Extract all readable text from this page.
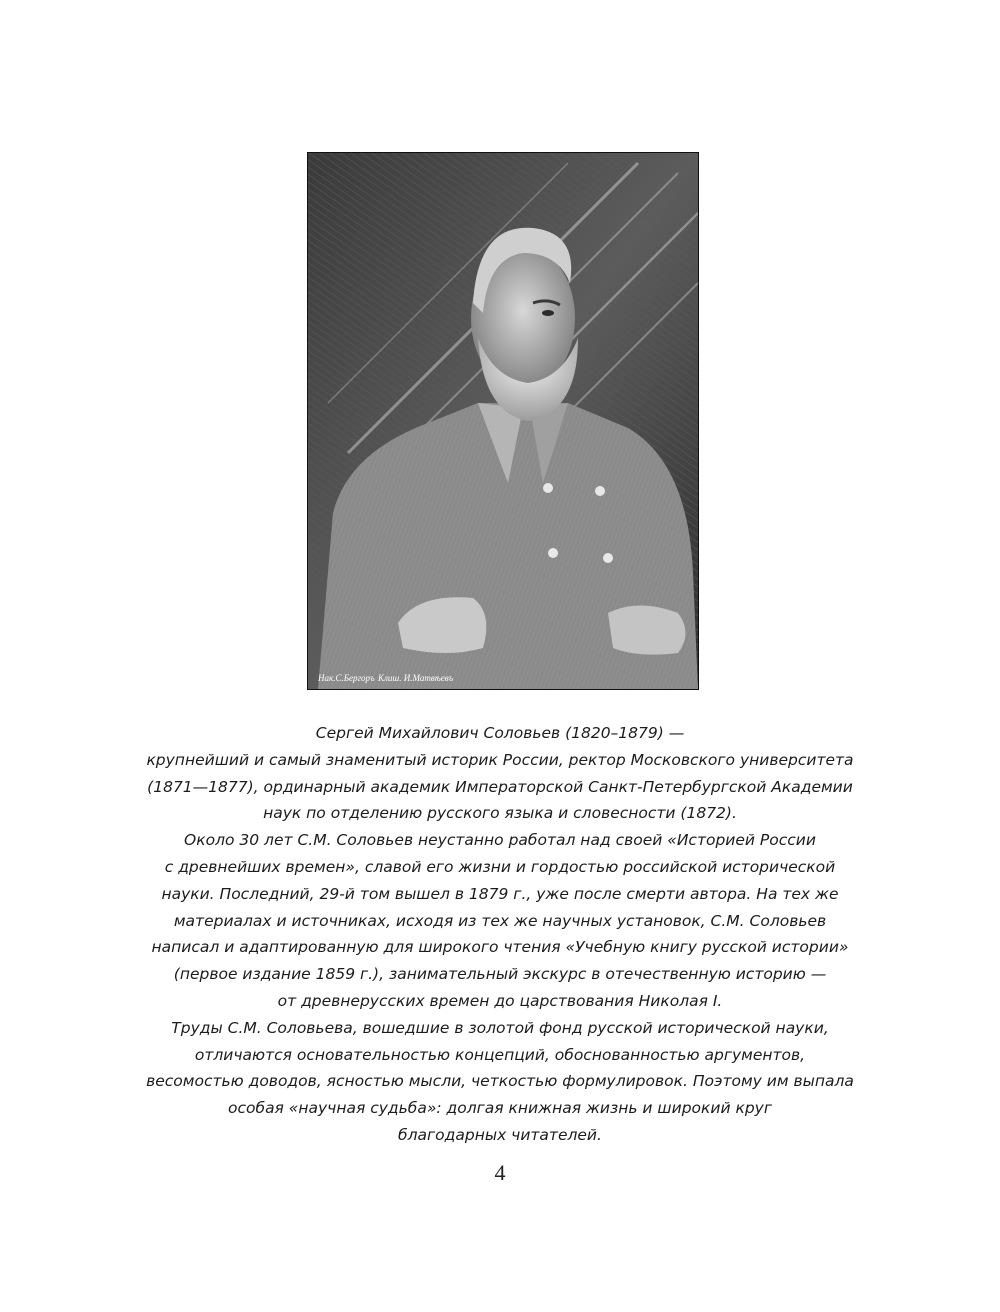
Нак.С.Бергоръ Клиш. И.Матвѣевъ
Сергей Михайлович Соловьев (1820–1879) —
крупнейший и самый знаменитый историк России, ректор Московского университета
(1871—1877), ординарный академик Императорской Санкт-Петербургской Академии
наук по отделению русского языка и словесности (1872).
Около 30 лет С.М. Соловьев неустанно работал над своей «Историей России
с древнейших времен», славой его жизни и гордостью российской исторической
науки. Последний, 29-й том вышел в 1879 г., уже после смерти автора. На тех же
материалах и источниках, исходя из тех же научных установок, С.М. Соловьев
написал и адаптированную для широкого чтения «Учебную книгу русской истории»
(первое издание 1859 г.), занимательный экскурс в отечественную историю —
от древнерусских времен до царствования Николая I.
Труды С.М. Соловьева, вошедшие в золотой фонд русской исторической науки,
отличаются основательностью концепций, обоснованностью аргументов,
весомостью доводов, ясностью мысли, четкостью формулировок. Поэтому им выпала
особая «научная судьба»: долгая книжная жизнь и широкий круг
благодарных читателей.
4
